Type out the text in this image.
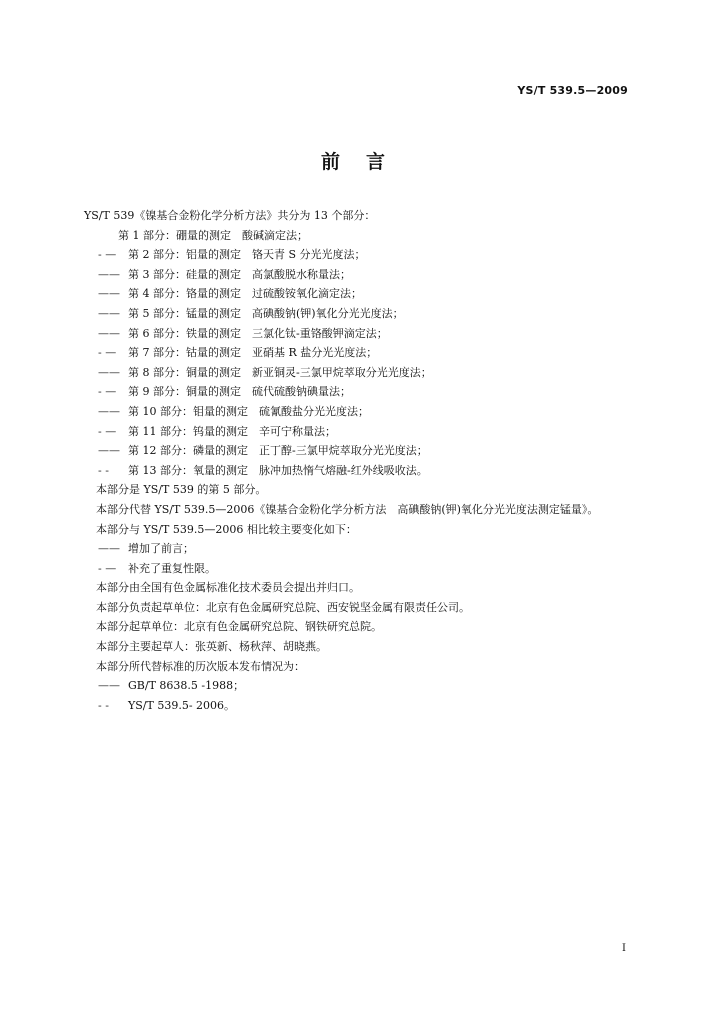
YS/T 539.5—2009
前言

YS/T 539《镍基合金粉化学分析方法》共分为 13 个部分：

第 1 部分：硼量的测定　酸碱滴定法；

- — 第 2 部分：铝量的测定　铬天青 S 分光光度法；

—— 第 3 部分：硅量的测定　高氯酸脱水称量法；

—— 第 4 部分：铬量的测定　过硫酸铵氧化滴定法；

—— 第 5 部分：锰量的测定　高碘酸钠(钾)氧化分光光度法；

—— 第 6 部分：铁量的测定　三氯化钛-重铬酸钾滴定法；

- — 第 7 部分：钴量的测定　亚硝基 R 盐分光光度法；

—— 第 8 部分：铜量的测定　新亚铜灵-三氯甲烷萃取分光光度法；

- — 第 9 部分：铜量的测定　硫代硫酸钠碘量法；

—— 第 10 部分：钼量的测定　硫氰酸盐分光光度法；

- — 第 11 部分：钨量的测定　辛可宁称量法；

—— 第 12 部分：磷量的测定　正丁醇-三氯甲烷萃取分光光度法；

- - 第 13 部分：氧量的测定　脉冲加热惰气熔融-红外线吸收法。

本部分是 YS/T 539 的第 5 部分。

本部分代替 YS/T 539.5—2006《镍基合金粉化学分析方法　高碘酸钠(钾)氧化分光光度法测定锰量》。

本部分与 YS/T 539.5—2006 相比较主要变化如下：

—— 增加了前言；

- — 补充了重复性限。

本部分由全国有色金属标准化技术委员会提出并归口。

本部分负责起草单位：北京有色金属研究总院、西安锐坚金属有限责任公司。

本部分起草单位：北京有色金属研究总院、钢铁研究总院。

本部分主要起草人：张英新、杨秋萍、胡晓燕。

本部分所代替标准的历次版本发布情况为：

—— GB/T 8638.5 -1988；

- - YS/T 539.5- 2006。

I
